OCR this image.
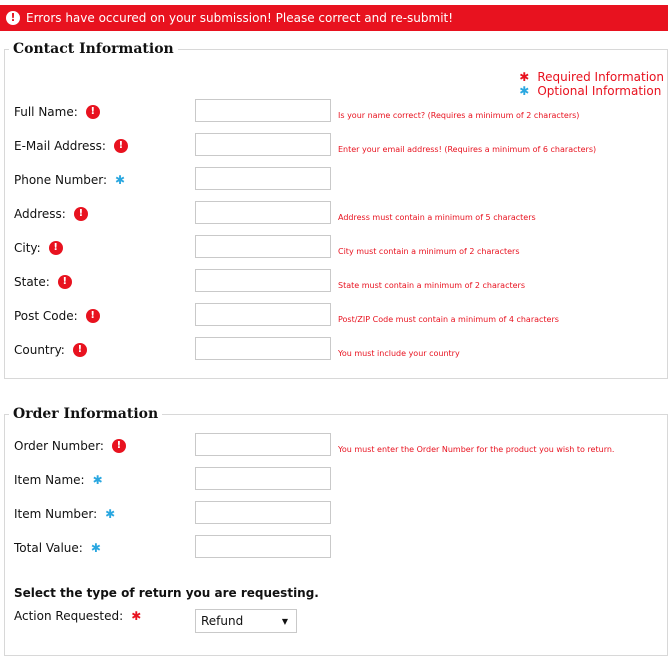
! Errors have occured on your submission! Please correct and re-submit!
Contact Information
✱ Required Information
✱ Optional Information
Full Name:	!	Is your name correct? (Requires a minimum of 2 characters)
E-Mail Address:	!	Enter your email address! (Requires a minimum of 6 characters)
Phone Number: ✱
Address:	!	Address must contain a minimum of 5 characters
City:	!	City must contain a minimum of 2 characters
State:	!	State must contain a minimum of 2 characters
Post Code:	!	Post/ZIP Code must contain a minimum of 4 characters
Country:	!	You must include your country
Order Information
Order Number:	!	You must enter the Order Number for the product you wish to return.
Item Name: ✱
Item Number: ✱
Total Value: ✱
Select the type of return you are requesting.
Action Requested: ✱	Refund	▼
